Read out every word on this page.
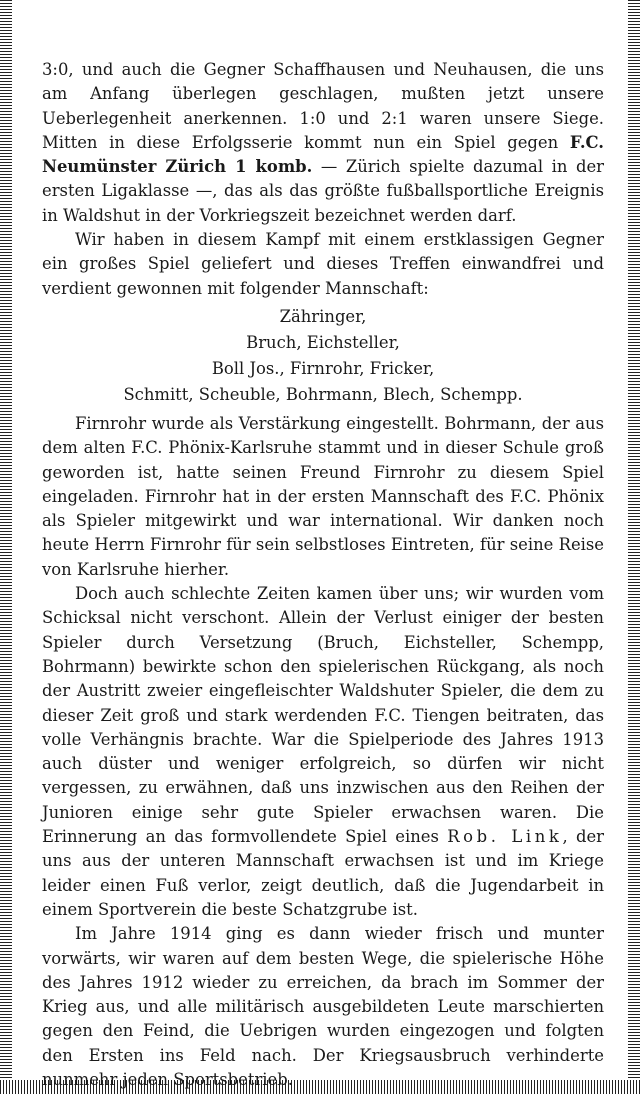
3:0, und auch die Gegner Schaffhausen und Neuhausen, die uns am Anfang überlegen geschlagen, mußten jetzt unsere Ueberlegenheit anerkennen. 1:0 und 2:1 waren unsere Siege. Mitten in diese Erfolgsserie kommt nun ein Spiel gegen F.C. Neumünster Zürich 1 komb. — Zürich spielte dazumal in der ersten Ligaklasse —, das als das größte fußballsportliche Ereignis in Waldshut in der Vorkriegszeit bezeichnet werden darf.

Wir haben in diesem Kampf mit einem erstklassigen Gegner ein großes Spiel geliefert und dieses Treffen einwandfrei und verdient gewonnen mit folgender Mannschaft:

Zähringer,
Bruch, Eichsteller,
Boll Jos., Firnrohr, Fricker,
Schmitt, Scheuble, Bohrmann, Blech, Schempp.

Firnrohr wurde als Verstärkung eingestellt. Bohrmann, der aus dem alten F.C. Phönix-Karlsruhe stammt und in dieser Schule groß geworden ist, hatte seinen Freund Firnrohr zu diesem Spiel eingeladen. Firnrohr hat in der ersten Mannschaft des F.C. Phönix als Spieler mitgewirkt und war international. Wir danken noch heute Herrn Firnrohr für sein selbstloses Eintreten, für seine Reise von Karlsruhe hierher.

Doch auch schlechte Zeiten kamen über uns; wir wurden vom Schicksal nicht verschont. Allein der Verlust einiger der besten Spieler durch Versetzung (Bruch, Eichsteller, Schempp, Bohrmann) bewirkte schon den spielerischen Rückgang, als noch der Austritt zweier eingefleischter Waldshuter Spieler, die dem zu dieser Zeit groß und stark werdenden F.C. Tiengen beitraten, das volle Verhängnis brachte. War die Spielperiode des Jahres 1913 auch düster und weniger erfolgreich, so dürfen wir nicht vergessen, zu erwähnen, daß uns inzwischen aus den Reihen der Junioren einige sehr gute Spieler erwachsen waren. Die Erinnerung an das formvollendete Spiel eines Rob. Link, der uns aus der unteren Mannschaft erwachsen ist und im Kriege leider einen Fuß verlor, zeigt deutlich, daß die Jugendarbeit in einem Sportverein die beste Schatzgrube ist.

Im Jahre 1914 ging es dann wieder frisch und munter vorwärts, wir waren auf dem besten Wege, die spielerische Höhe des Jahres 1912 wieder zu erreichen, da brach im Sommer der Krieg aus, und alle militärisch ausgebildeten Leute marschierten gegen den Feind, die Uebrigen wurden eingezogen und folgten den Ersten ins Feld nach. Der Kriegsausbruch verhinderte nunmehr jeden Sportsbetrieb.
